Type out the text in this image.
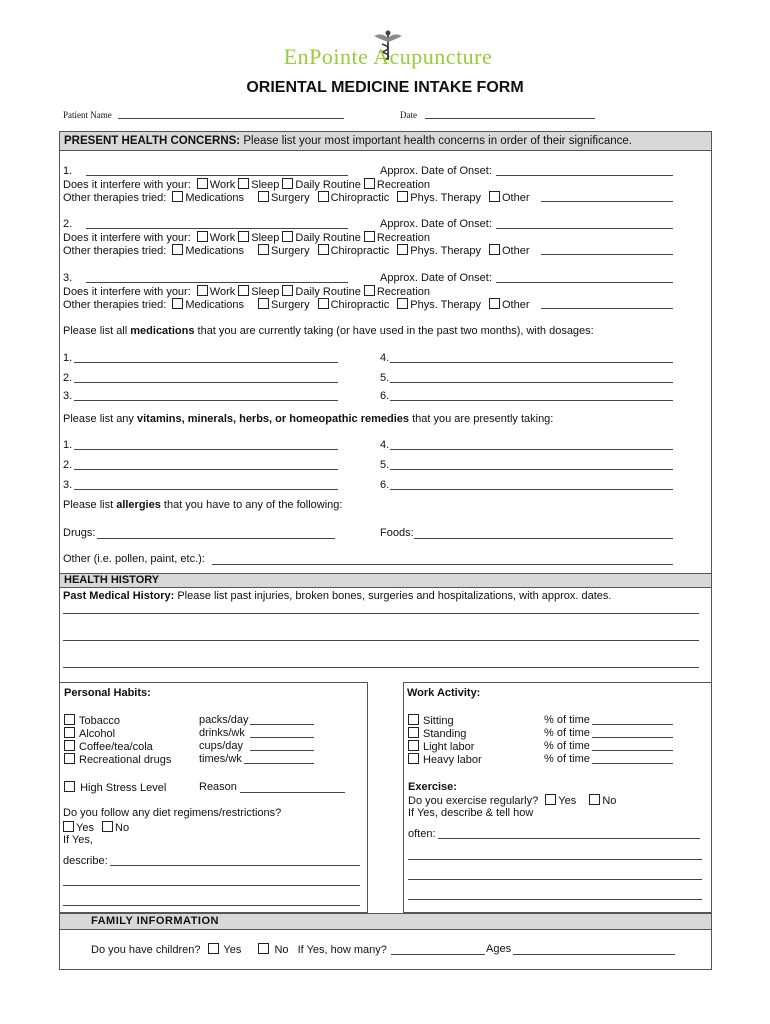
EnPointe Acupuncture
ORIENTAL MEDICINE INTAKE FORM
Patient Name	Date
PRESENT HEALTH CONCERNS: Please list your most important health concerns in order of their significance.
1.	Approx. Date of Onset:
Does it interfere with your: Work Sleep Daily Routine Recreation
Other therapies tried: Medications Surgery Chiropractic Phys. Therapy Other
2.	Approx. Date of Onset:
Does it interfere with your: Work Sleep Daily Routine Recreation
Other therapies tried: Medications Surgery Chiropractic Phys. Therapy Other
3.	Approx. Date of Onset:
Does it interfere with your: Work Sleep Daily Routine Recreation
Other therapies tried: Medications Surgery Chiropractic Phys. Therapy Other
Please list all medications that you are currently taking (or have used in the past two months), with dosages:
1.
2.
3.
4.
5.
6.
Please list any vitamins, minerals, herbs, or homeopathic remedies that you are presently taking:
1.
2.
3.
4.
5.
6.
Please list allergies that you have to any of the following:
Drugs:	Foods:
Other (i.e. pollen, paint, etc.):
HEALTH HISTORY
Past Medical History: Please list past injuries, broken bones, surgeries and hospitalizations, with approx. dates.
Personal Habits:
Tobacco	packs/day
Alcohol	drinks/wk
Coffee/tea/cola	cups/day
Recreational drugs	times/wk
High Stress Level	Reason
Do you follow any diet regimens/restrictions?
Yes No
If Yes,
describe:
Work Activity:
Sitting	% of time
Standing	% of time
Light labor	% of time
Heavy labor	% of time
Exercise:
Do you exercise regularly? Yes No
If Yes, describe & tell how
often:
FAMILY INFORMATION
Do you have children? Yes	No If Yes, how many?	Ages
